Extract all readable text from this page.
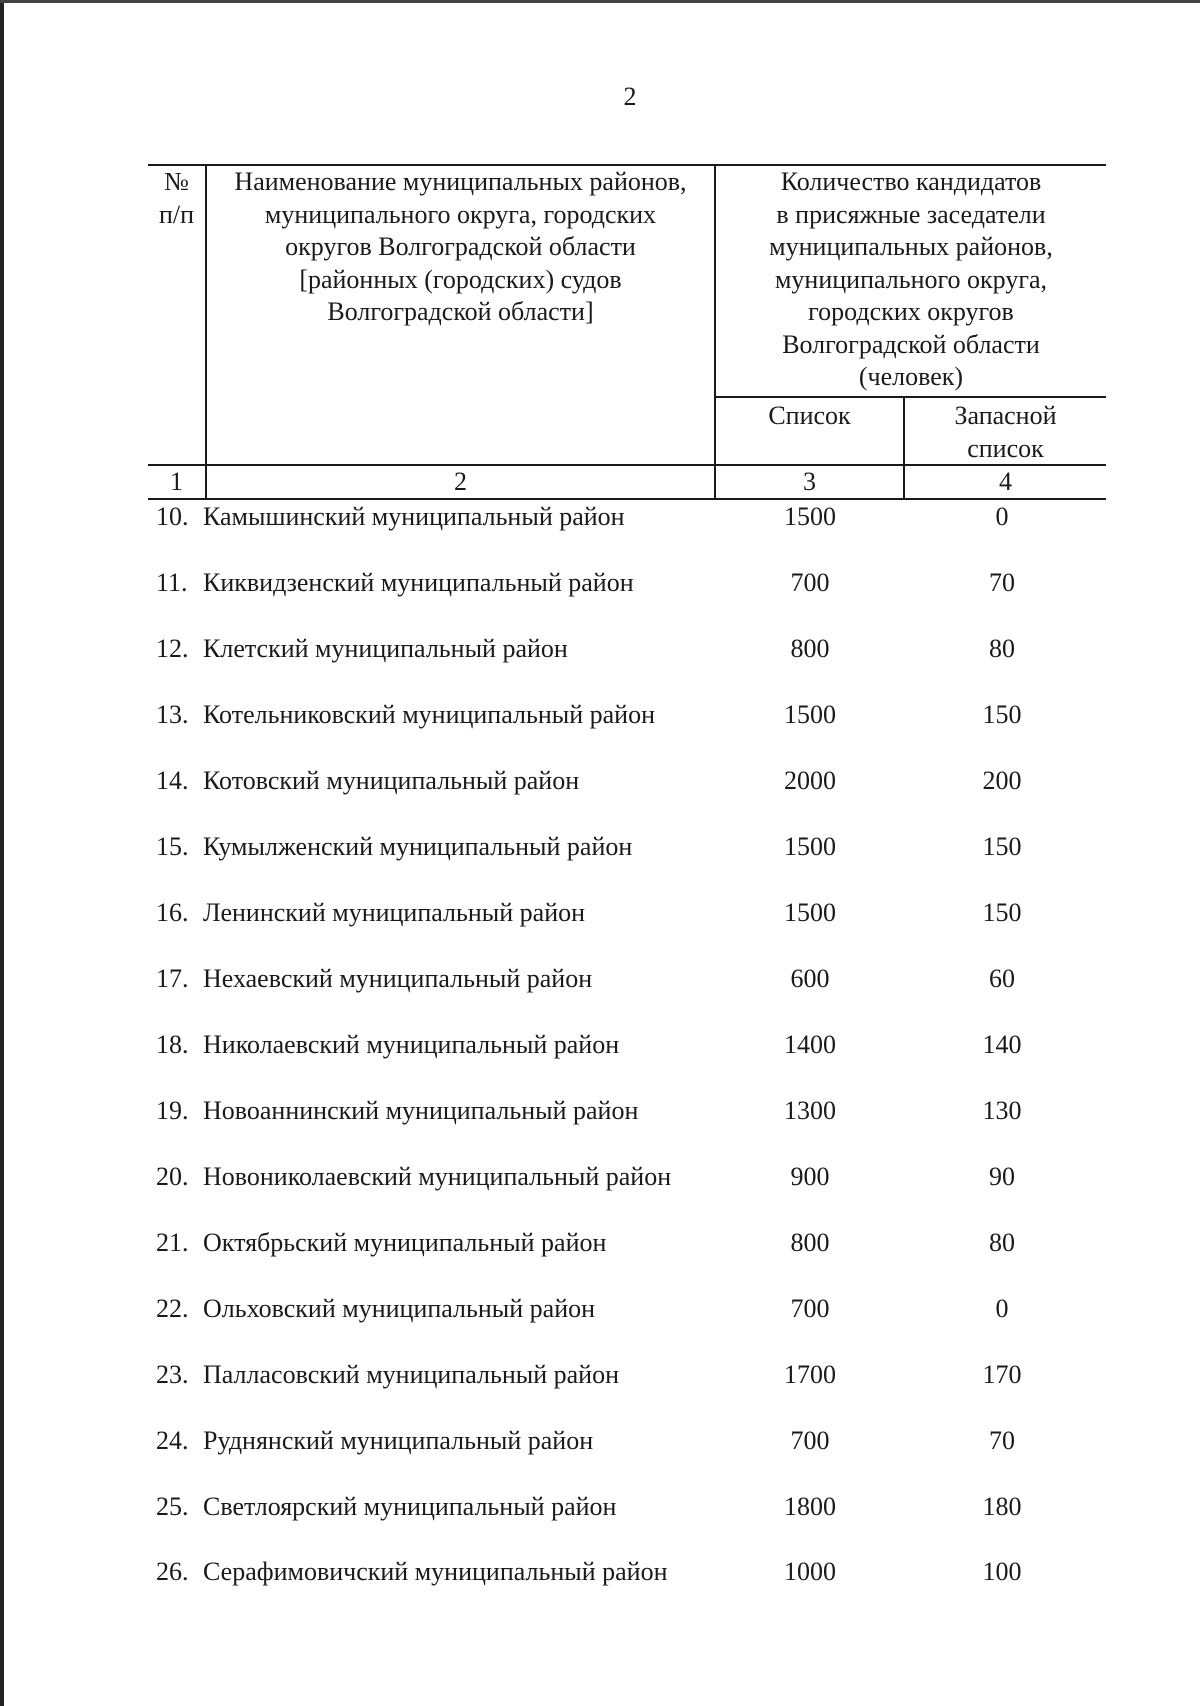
2
№
п/п
Наименование муниципальных районов,
муниципального округа, городских
округов Волгоградской области
[районных (городских) судов
Волгоградской области]
Количество кандидатов
в присяжные заседатели
муниципальных районов,
муниципального округа,
городских округов
Волгоградской области
(человек)
Список	Запасной
список
1	2	3	4
10. Камышинский муниципальный район	1500	0
11. Киквидзенский муниципальный район	700	70
12. Клетский муниципальный район	800	80
13. Котельниковский муниципальный район	1500	150
14. Котовский муниципальный район	2000	200
15. Кумылженский муниципальный район	1500	150
16. Ленинский муниципальный район	1500	150
17. Нехаевский муниципальный район	600	60
18. Николаевский муниципальный район	1400	140
19. Новоаннинский муниципальный район	1300	130
20. Новониколаевский муниципальный район	900	90
21. Октябрьский муниципальный район	800	80
22. Ольховский муниципальный район	700	0
23. Палласовский муниципальный район	1700	170
24. Руднянский муниципальный район	700	70
25. Светлоярский муниципальный район	1800	180
26. Серафимовичский муниципальный район	1000	100
